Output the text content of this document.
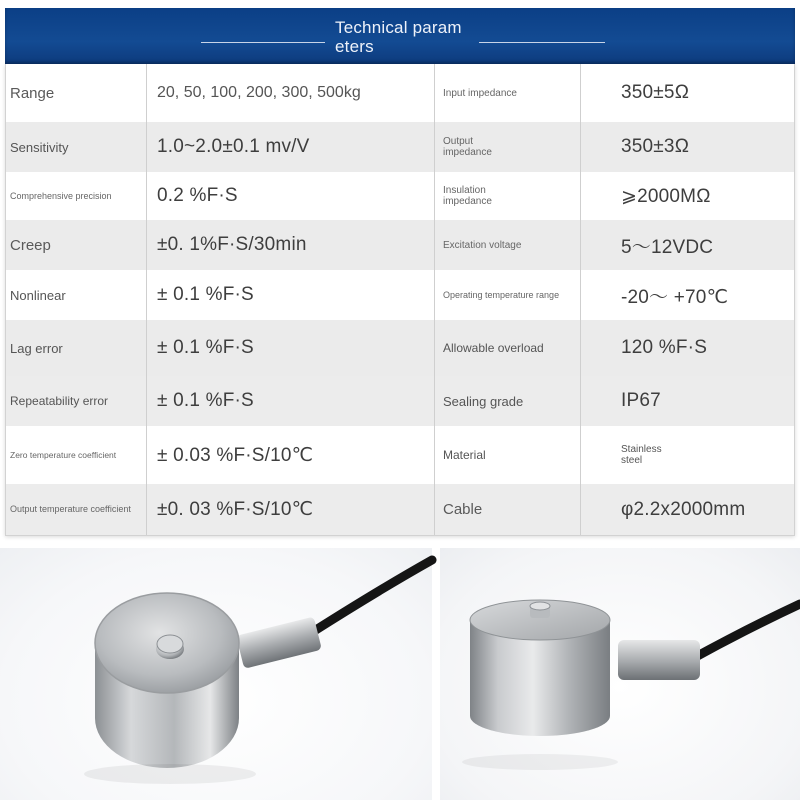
Technical parameters
Range	20, 50, 100, 200, 300, 500kg	Input impedance	350±5Ω
Sensitivity	1.0~2.0±0.1 mv/V	Output impedance	350±3Ω
Comprehensive precision	0.2 %F·S	Insulation impedance	⩾2000MΩ
Creep	±0. 1%F·S/30min	Excitation voltage	5～12VDC
Nonlinear	± 0.1 %F·S	Operating temperature range	-20～ +70℃
Lag error	± 0.1 %F·S	Allowable overload	120 %F·S
Repeatability error	± 0.1 %F·S	Sealing grade	IP67
Zero temperature coefficient	± 0.03 %F·S/10℃	Material	Stainless steel
Output temperature coefficient	±0. 03 %F·S/10℃	Cable	φ2.2x2000mm
